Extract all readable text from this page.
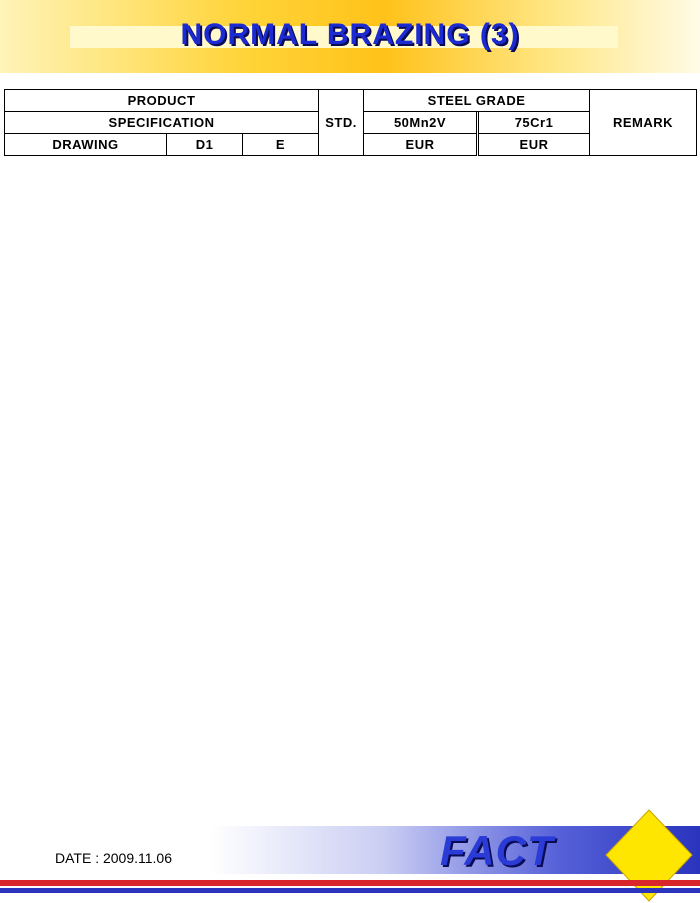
NORMAL BRAZING (3)
PRODUCT			STD.	STEEL GRADE			REMARK
SPECIFICATION				50Mn2V		75Cr1	
DRAWING	D1	E		EUR		EUR	
DATE : 2009.11.06	FACT
